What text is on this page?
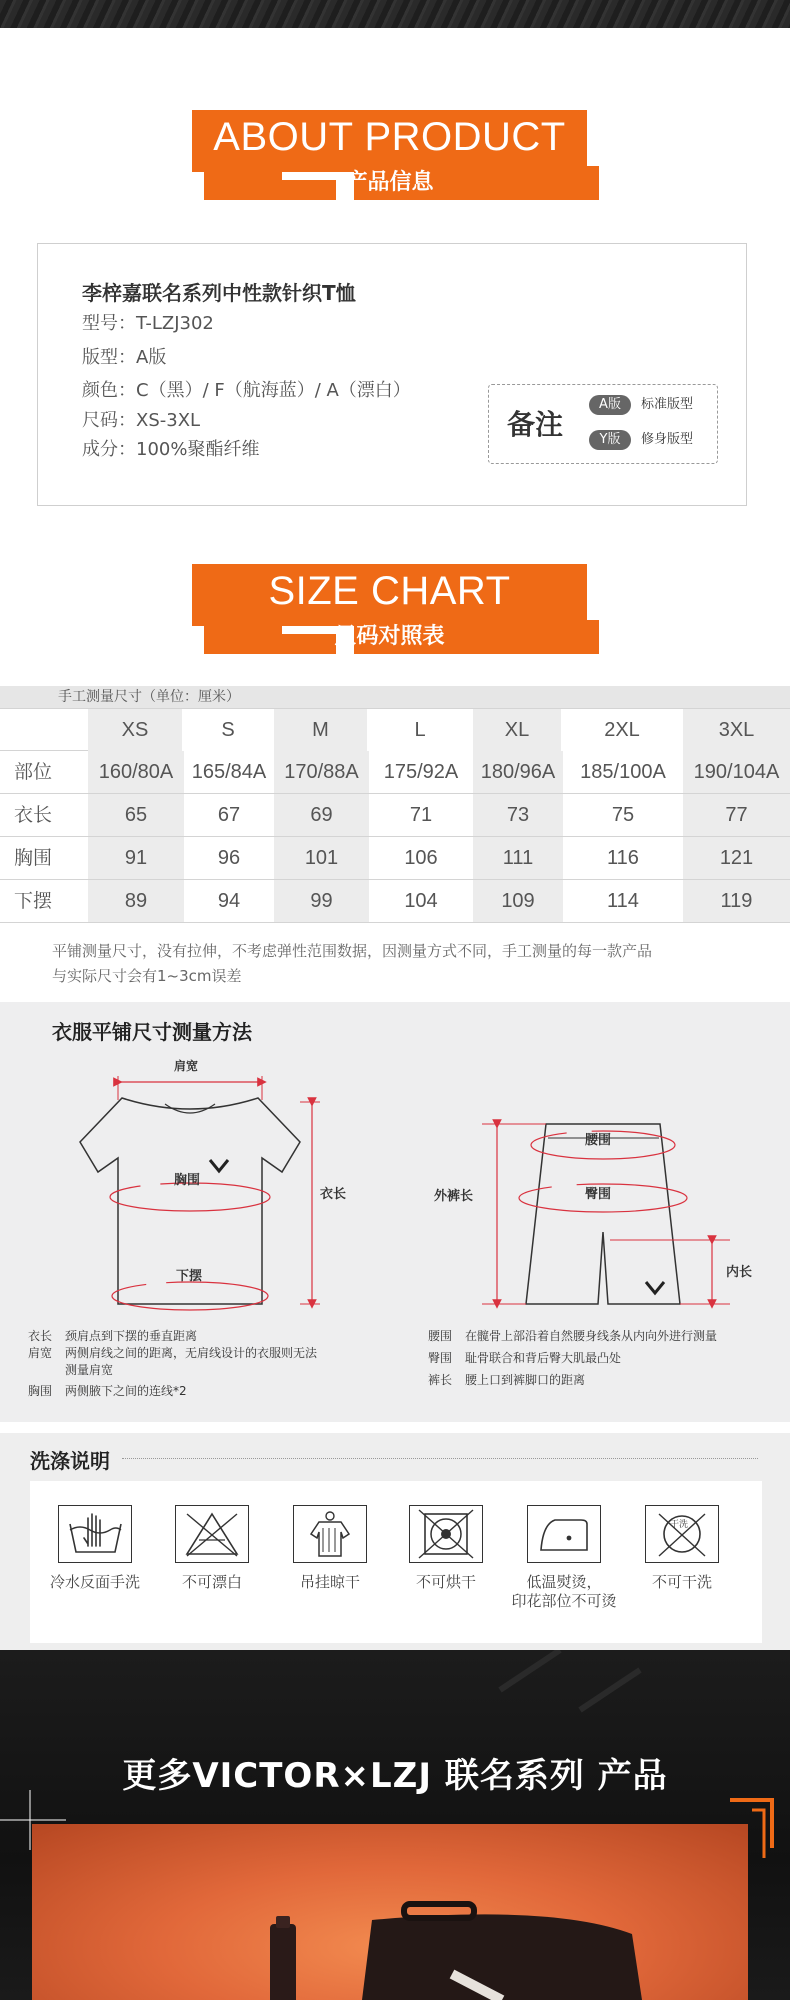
ABOUT PRODUCT
产品信息
李梓嘉联名系列中性款针织T恤
型号：T-LZJ302
版型：A版
颜色：C（黑）/ F（航海蓝）/ A（漂白）
尺码：XS-3XL
成分：100%聚酯纤维
备注
A版	标准版型
Y版	修身版型
SIZE CHART
尺码对照表
手工测量尺寸（单位：厘米）
XS	S	M	L	XL	2XL	3XL
部位	160/80A 165/84A 170/88A	175/92A	180/96A	185/100A	190/104A
衣长	65	67	69	71	73	75	77
胸围	91	96	101	106	111	116	121
下摆	89	94	99	104	109	114	119
平铺测量尺寸，没有拉伸，不考虑弹性范围数据，因测量方式不同，手工测量的每一款产品
与实际尺寸会有1~3cm误差
衣服平铺尺寸测量方法
肩宽
胸围
衣长
下摆
腰围
臀围
外裤长
内长
衣长 颈肩点到下摆的垂直距离
肩宽 两侧肩线之间的距离，无肩线设计的衣服则无法
测量肩宽
胸围 两侧腋下之间的连线*2
腰围 在髋骨上部沿着自然腰身线条从内向外进行测量
臀围 耻骨联合和背后臀大肌最凸处
裤长 腰上口到裤脚口的距离
洗涤说明
冷水反面手洗	不可漂白	吊挂晾干	不可烘干	低温熨烫，
印花部位不可烫
干洗
不可干洗
更多VICTOR×LZJ 联名系列 产品
